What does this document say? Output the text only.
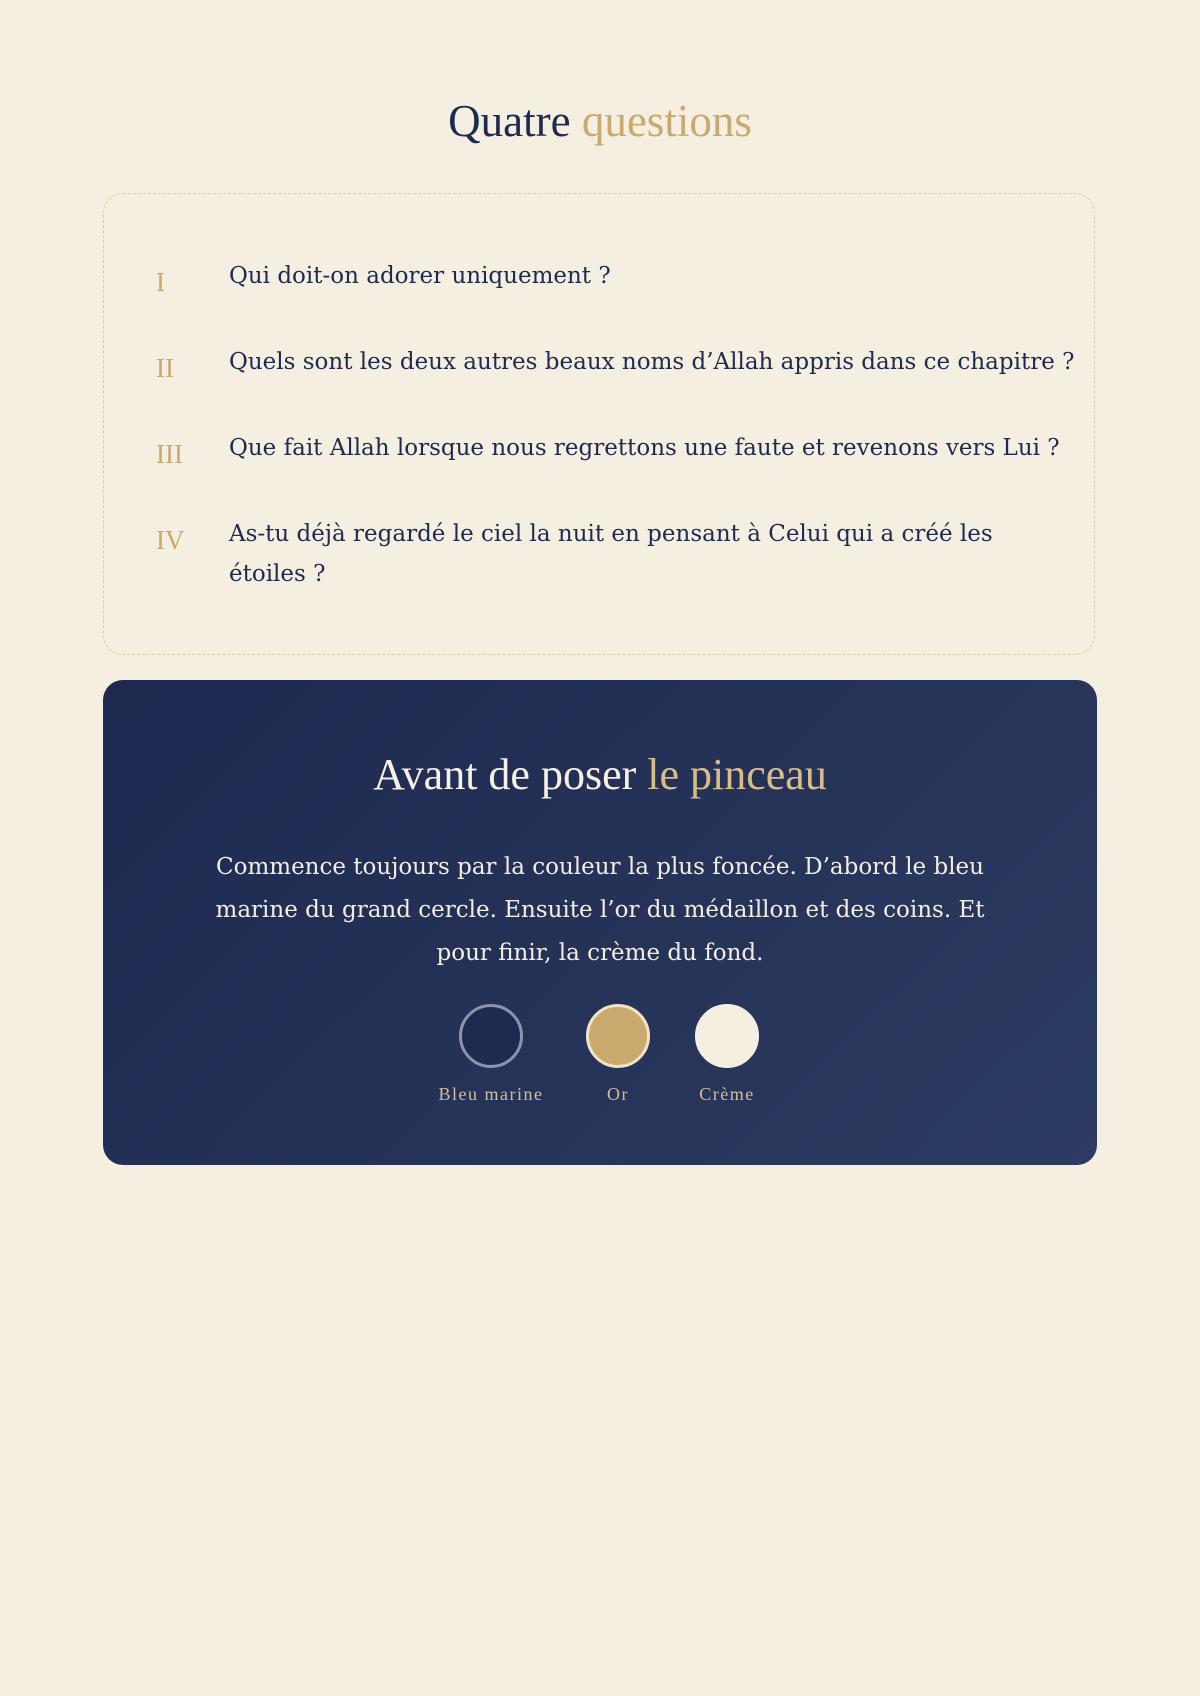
Quatre questions
I	Qui doit-on adorer uniquement ?
II Quels sont les deux autres beaux noms d’Allah appris dans ce chapitre ?
III Que fait Allah lorsque nous regrettons une faute et revenons vers Lui ?
IV As-tu déjà regardé le ciel la nuit en pensant à Celui qui a créé les
étoiles ?
Avant de poser le pinceau
Commence toujours par la couleur la plus foncée. D’abord le bleu
marine du grand cercle. Ensuite l’or du médaillon et des coins. Et
pour finir, la crème du fond.
Bleu marine	Or	Crème
